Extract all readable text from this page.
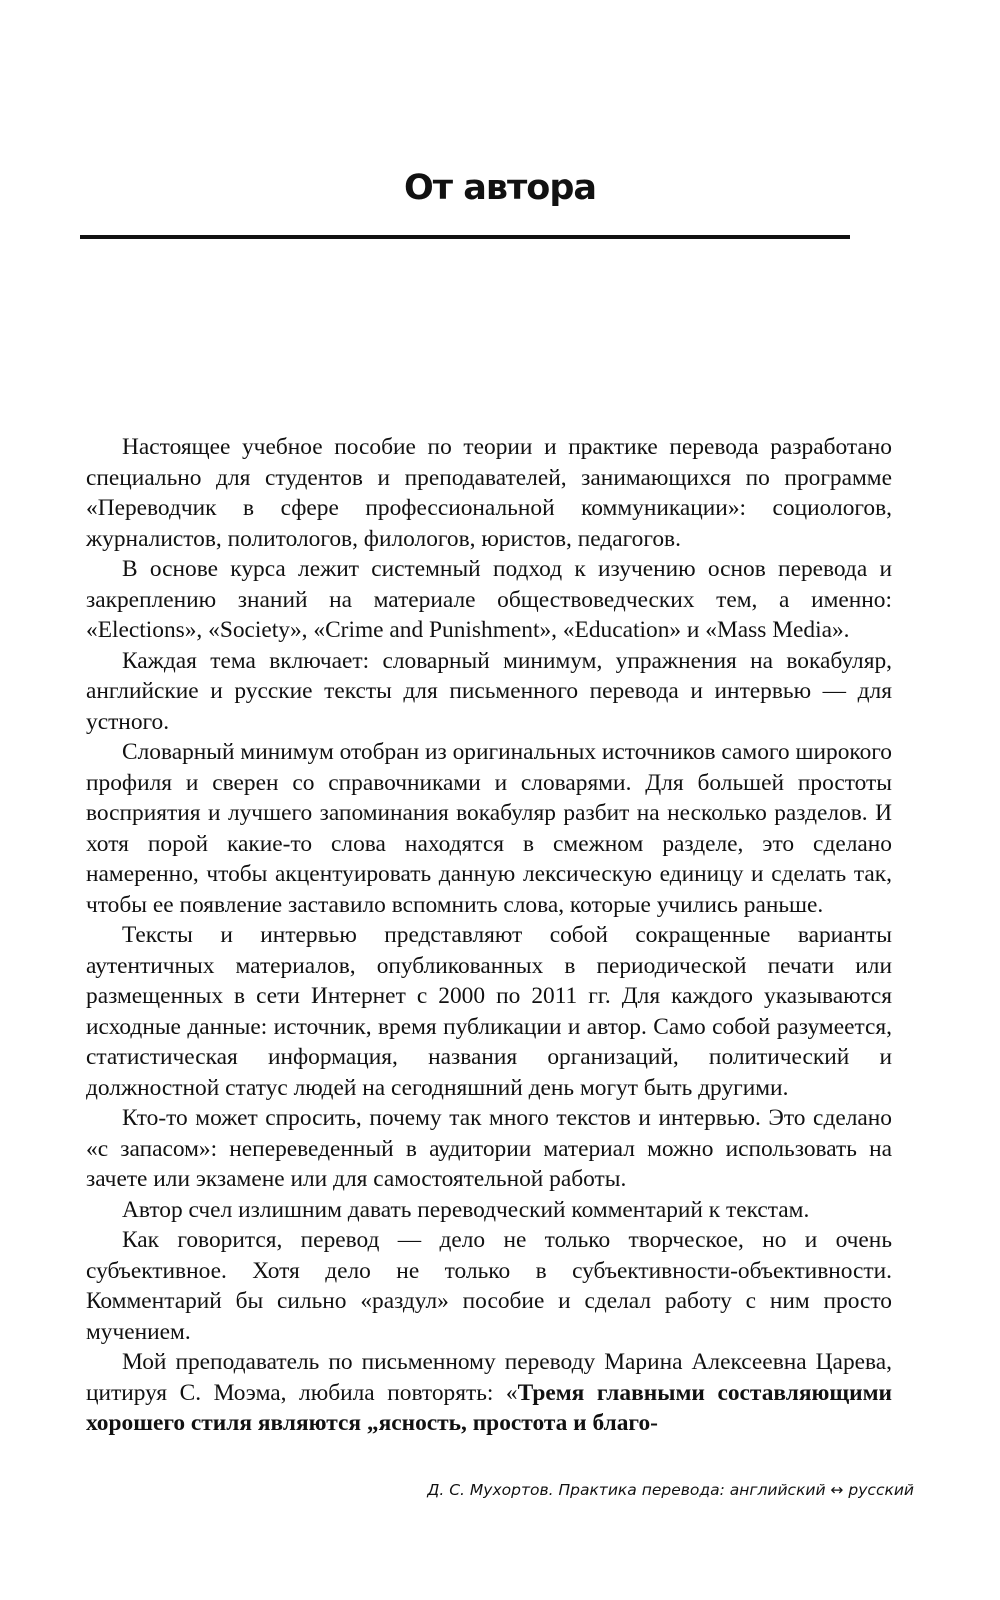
От автора

Настоящее учебное пособие по теории и практике перевода разработано специально для студентов и преподавателей, занимающихся по программе «Переводчик в сфере профессиональной коммуникации»: социологов, журналистов, политологов, филологов, юристов, педагогов.

В основе курса лежит системный подход к изучению основ перевода и закреплению знаний на материале обществоведческих тем, а именно: «Elections», «Society», «Crime and Punishment», «Education» и «Mass Media».

Каждая тема включает: словарный минимум, упражнения на вокабуляр, английские и русские тексты для письменного перевода и интервью — для устного.

Словарный минимум отобран из оригинальных источников самого широкого профиля и сверен со справочниками и словарями. Для большей простоты восприятия и лучшего запоминания вокабуляр разбит на несколько разделов. И хотя порой какие-то слова находятся в смежном разделе, это сделано намеренно, чтобы акцентуировать данную лексическую единицу и сделать так, чтобы ее появление заставило вспомнить слова, которые учились раньше.

Тексты и интервью представляют собой сокращенные варианты аутентичных материалов, опубликованных в периодической печати или размещенных в сети Интернет с 2000 по 2011 гг. Для каждого указываются исходные данные: источник, время публикации и автор. Само собой разумеется, статистическая информация, названия организаций, политический и должностной статус людей на сегодняшний день могут быть другими.

Кто-то может спросить, почему так много текстов и интервью. Это сделано «с запасом»: непереведенный в аудитории материал можно использовать на зачете или экзамене или для самостоятельной работы.

Автор счел излишним давать переводческий комментарий к текстам.

Как говорится, перевод — дело не только творческое, но и очень субъективное. Хотя дело не только в субъективности-объективности. Комментарий бы сильно «раздул» пособие и сделал работу с ним просто мучением.

Мой преподаватель по письменному переводу Марина Алексеевна Царева, цитируя С. Моэма, любила повторять: «Тремя главными составляющими хорошего стиля являются „ясность, простота и благо-

Д. С. Мухортов. Практика перевода: английский ↔ русский
